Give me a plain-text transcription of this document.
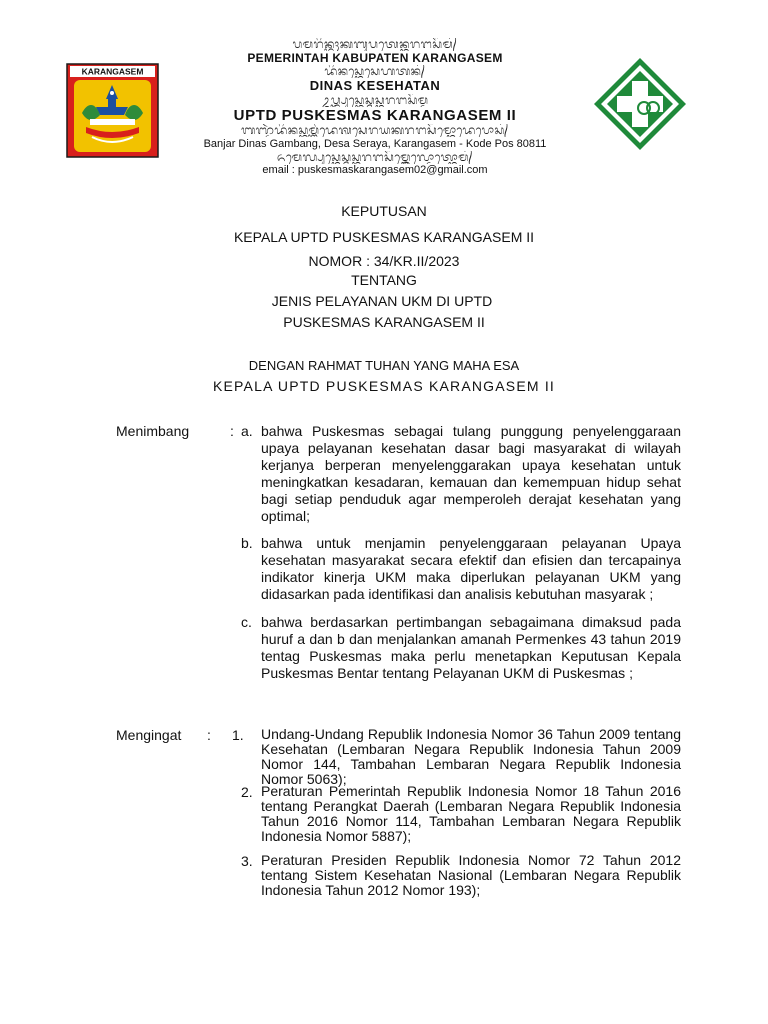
KARANGASEM
ᬧᬫᬭᬶᬦ᭄ᬢᬄᬓᬩᬸᬧᬢᬾᬦ᭄ᬓᬭᬗᬲᭂᬫ᭄
PEMERINTAH KABUPATEN KARANGASEM
ᬤᬶᬦᬲ᭄ᬓᬾᬲᬾᬳᬢᬦ᭄
DINAS KESEHATAN
ᬉᬧ᭄ᬢ᭄ᬤ᭄ᬧᬸᬲ᭄ᬓᬾᬲ᭄ᬫᬲ᭄ᬓᬭᬗᬲᭂᬫ᭄ᬤ᭄ᬯ
UPTD PUSKESMAS KARANGASEM II
ᬩᬜ᭄ᬚᬃᬤᬶᬦᬲ᭄ᬕᬫ᭄ᬩᬂᬤᬾᬰᬲᬾᬭᬬᬓᬭᬗᬲᭂᬫ᭄ᬓᭀᬤᬾᬧᭀᬲ᭄
Banjar Dinas Gambang, Desa Seraya, Karangasem - Kode Pos 80811
ᬏᬫᬾᬮ᭄ᬧᬸᬲ᭄ᬓᬾᬲ᭄ᬫᬲ᭄ᬓᬭᬗᬲᭂᬫ᭄ᬕ᭄ᬫᬾᬮ᭄ᬤᭀᬢ᭄ᬓᭀᬫ᭄
email : puskesmaskarangasem02@gmail.com
KEPUTUSAN
KEPALA UPTD PUSKESMAS KARANGASEM II
NOMOR : 34/KR.II/2023
TENTANG
JENIS PELAYANAN UKM DI UPTD
PUSKESMAS KARANGASEM II
DENGAN RAHMAT TUHAN YANG MAHA ESA
KEPALA UPTD PUSKESMAS KARANGASEM II
Menimbang	: a. bahwa Puskesmas sebagai tulang punggung penyelenggaraan upaya pelayanan kesehatan dasar bagi masyarakat di wilayah kerjanya berperan menyelenggarakan upaya kesehatan untuk meningkatkan kesadaran, kemauan dan kemempuan hidup sehat bagi setiap penduduk agar memperoleh derajat kesehatan yang optimal;
b. bahwa untuk menjamin penyelenggaraan pelayanan Upaya kesehatan masyarakat secara efektif dan efisien dan tercapainya indikator kinerja UKM maka diperlukan pelayanan UKM yang didasarkan pada identifikasi dan analisis kebutuhan masyarak ;
c. bahwa berdasarkan pertimbangan sebagaimana dimaksud pada huruf a dan b dan menjalankan amanah Permenkes 43 tahun 2019 tentag Puskesmas maka perlu menetapkan Keputusan Kepala Puskesmas Bentar tentang Pelayanan UKM di Puskesmas ;
Mengingat : 1. Undang-Undang Republik Indonesia Nomor 36 Tahun 2009 tentang Kesehatan (Lembaran Negara Republik Indonesia Tahun 2009 Nomor 144, Tambahan Lembaran Negara Republik Indonesia Nomor 5063);
2. Peraturan Pemerintah Republik Indonesia Nomor 18 Tahun 2016 tentang Perangkat Daerah (Lembaran Negara Republik Indonesia Tahun 2016 Nomor 114, Tambahan Lembaran Negara Republik Indonesia Nomor 5887);
3. Peraturan Presiden Republik Indonesia Nomor 72 Tahun 2012 tentang Sistem Kesehatan Nasional (Lembaran Negara Republik Indonesia Tahun 2012 Nomor 193);
